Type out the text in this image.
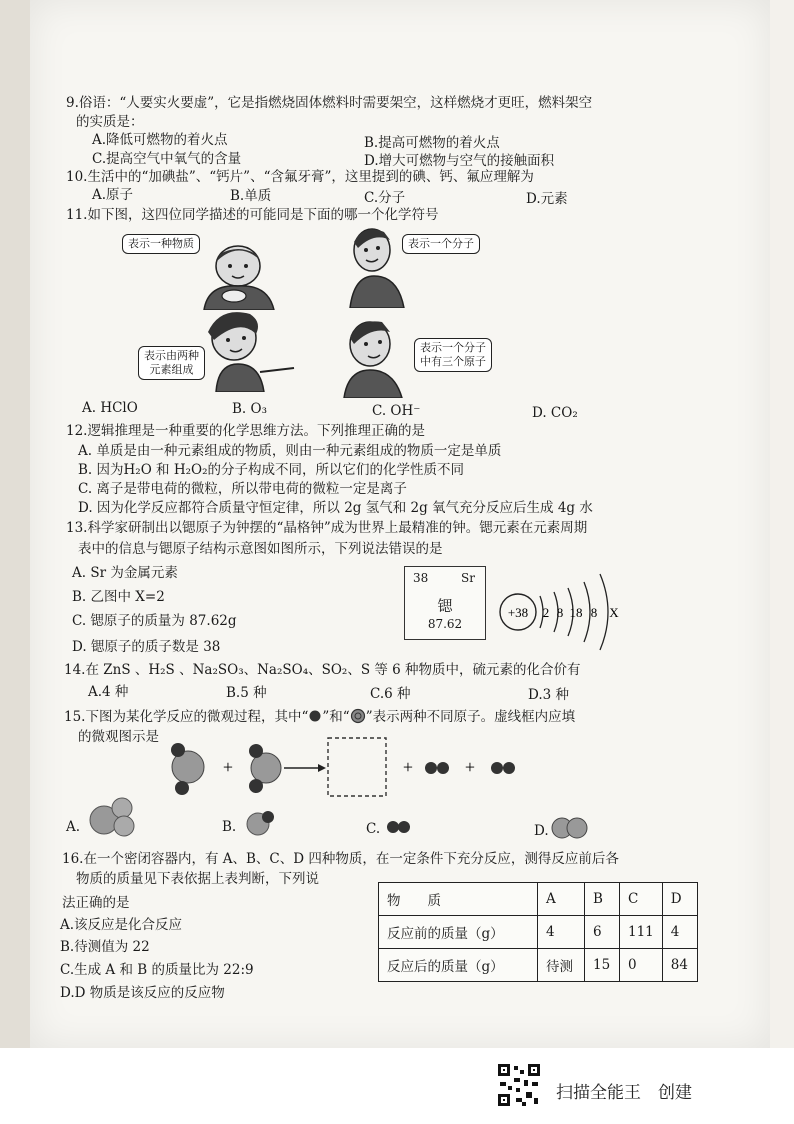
9.俗语：“人要实火要虚”，它是指燃烧固体燃料时需要架空，这样燃烧才更旺，燃料架空
的实质是：
A.降低可燃物的着火点	B.提高可燃物的着火点
C.提高空气中氧气的含量	D.增大可燃物与空气的接触面积
10.生活中的“加碘盐”、“钙片”、“含氟牙膏”，这里提到的碘、钙、氟应理解为
A.原子	B.单质	C.分子	D.元素
11.如下图，这四位同学描述的可能同是下面的哪一个化学符号
表示一种物质	表示一个分子
表示由两种
元素组成
表示一个分子
中有三个原子
A. HClO	B. O₃	C. OH⁻	D. CO₂
12.逻辑推理是一种重要的化学思维方法。下列推理正确的是
A. 单质是由一种元素组成的物质，则由一种元素组成的物质一定是单质
B. 因为H₂O 和 H₂O₂的分子构成不同，所以它们的化学性质不同
C. 离子是带电荷的微粒，所以带电荷的微粒一定是离子
D. 因为化学反应都符合质量守恒定律，所以 2g 氢气和 2g 氧气充分反应后生成 4g 水
13.科学家研制出以锶原子为钟摆的“晶格钟”成为世界上最精准的钟。锶元素在元素周期
表中的信息与锶原子结构示意图如图所示，下列说法错误的是
A. Sr 为金属元素
B. 乙图中 X=2
C. 锶原子的质量为 87.62g
D. 锶原子的质子数是 38
38	Sr
锶
87.62
+38 2 8 18 8 X
14.在 ZnS 、H₂S 、Na₂SO₃、Na₂SO₄、SO₂、S 等 6 种物质中，硫元素的化合价有
A.4 种	B.5 种	C.6 种	D.3 种
15.下图为某化学反应的微观过程，其中“ ”和“ ”表示两种不同原子。虚线框内应填
的微观图示是
+	+	+
A.	B.	C.	D.
16.在一个密闭容器内，有 A、B、C、D 四种物质，在一定条件下充分反应，测得反应前后各
物质的质量见下表依据上表判断，下列说
法正确的是
A.该反应是化合反应
B.待测值为 22
C.生成 A 和 B 的质量比为 22:9
D.D 物质是该反应的反应物
物　　质	A	B	C	D
反应前的质量（g）	4	6	111	4
反应后的质量（g）	待测	15	0	84
扫描全能王　创建
